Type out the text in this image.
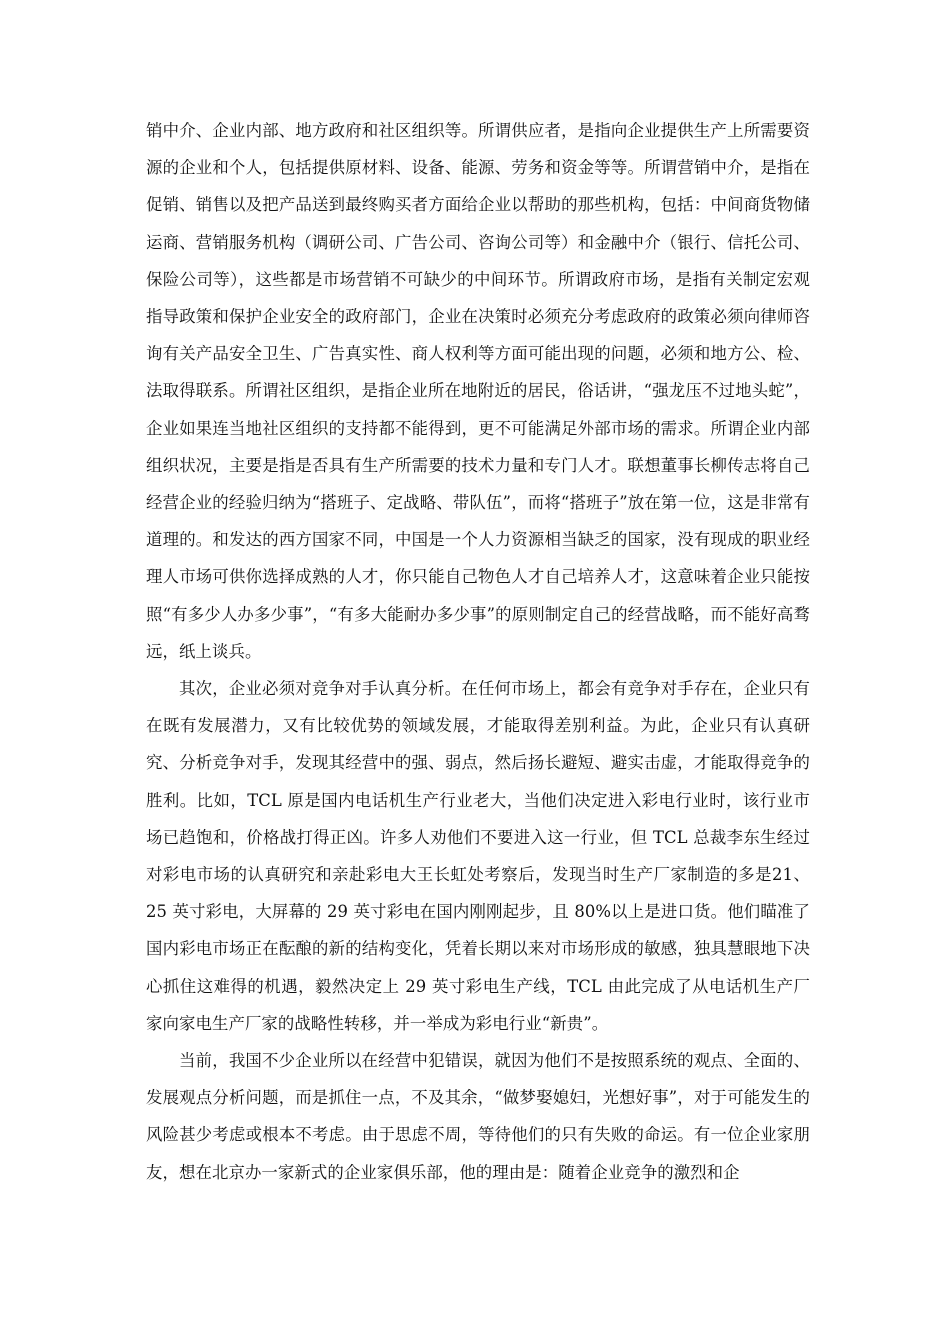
销中介、企业内部、地方政府和社区组织等。所谓供应者，是指向企业提供生产上所需要资源的企业和个人，包括提供原材料、设备、能源、劳务和资金等等。所谓营销中介，是指在促销、销售以及把产品送到最终购买者方面给企业以帮助的那些机构，包括：中间商货物储运商、营销服务机构（调研公司、广告公司、咨询公司等）和金融中介（银行、信托公司、保险公司等），这些都是市场营销不可缺少的中间环节。所谓政府市场，是指有关制定宏观指导政策和保护企业安全的政府部门，企业在决策时必须充分考虑政府的政策必须向律师咨询有关产品安全卫生、广告真实性、商人权利等方面可能出现的问题，必须和地方公、检、法取得联系。所谓社区组织，是指企业所在地附近的居民，俗话讲，“强龙压不过地头蛇”，企业如果连当地社区组织的支持都不能得到，更不可能满足外部市场的需求。所谓企业内部组织状况，主要是指是否具有生产所需要的技术力量和专门人才。联想董事长柳传志将自己经营企业的经验归纳为“搭班子、定战略、带队伍”，而将“搭班子”放在第一位，这是非常有道理的。和发达的西方国家不同，中国是一个人力资源相当缺乏的国家，没有现成的职业经理人市场可供你选择成熟的人才，你只能自己物色人才自己培养人才，这意味着企业只能按照“有多少人办多少事”，“有多大能耐办多少事”的原则制定自己的经营战略，而不能好高骛远，纸上谈兵。

其次，企业必须对竞争对手认真分析。在任何市场上，都会有竞争对手存在，企业只有在既有发展潜力，又有比较优势的领域发展，才能取得差别利益。为此，企业只有认真研究、分析竞争对手，发现其经营中的强、弱点，然后扬长避短、避实击虚，才能取得竞争的胜利。比如，TCL 原是国内电话机生产行业老大，当他们决定进入彩电行业时，该行业市场已趋饱和，价格战打得正凶。许多人劝他们不要进入这一行业，但 TCL 总裁李东生经过对彩电市场的认真研究和亲赴彩电大王长虹处考察后，发现当时生产厂家制造的多是21、25 英寸彩电，大屏幕的 29 英寸彩电在国内刚刚起步，且 80%以上是进口货。他们瞄准了国内彩电市场正在酝酿的新的结构变化，凭着长期以来对市场形成的敏感，独具慧眼地下决心抓住这难得的机遇，毅然决定上 29 英寸彩电生产线，TCL 由此完成了从电话机生产厂家向家电生产厂家的战略性转移，并一举成为彩电行业“新贵”。

当前，我国不少企业所以在经营中犯错误，就因为他们不是按照系统的观点、全面的、发展观点分析问题，而是抓住一点，不及其余，“做梦娶媳妇，光想好事”，对于可能发生的风险甚少考虑或根本不考虑。由于思虑不周，等待他们的只有失败的命运。有一位企业家朋友，想在北京办一家新式的企业家俱乐部，他的理由是：随着企业竞争的激烈和企
